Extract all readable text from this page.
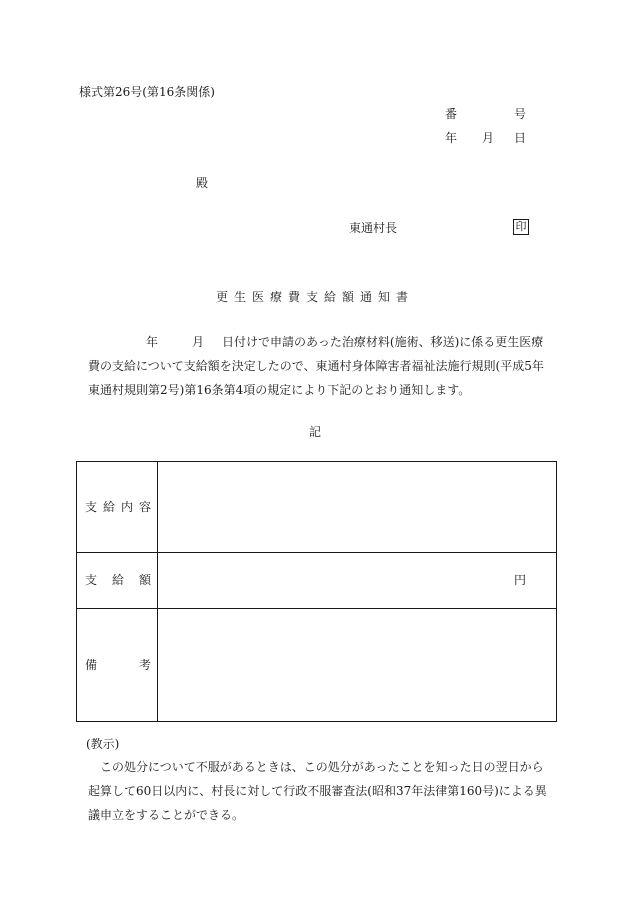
様式第26号(第16条関係)
番	号
年 月 日
殿
東通村長	印
更生医療費支給額通知書
年	月 日付けで申請のあった治療材料(施術、移送)に係る更生医療費の支給について支給額を決定したので、東通村身体障害者福祉法施行規則(平成5年東通村規則第2号)第16条第4項の規定により下記のとおり通知します。
記
支給内容
支給額	円
備考
(教示)
この処分について不服があるときは、この処分があったことを知った日の翌日から起算して60日以内に、村長に対して行政不服審査法(昭和37年法律第160号)による異議申立をすることができる。
